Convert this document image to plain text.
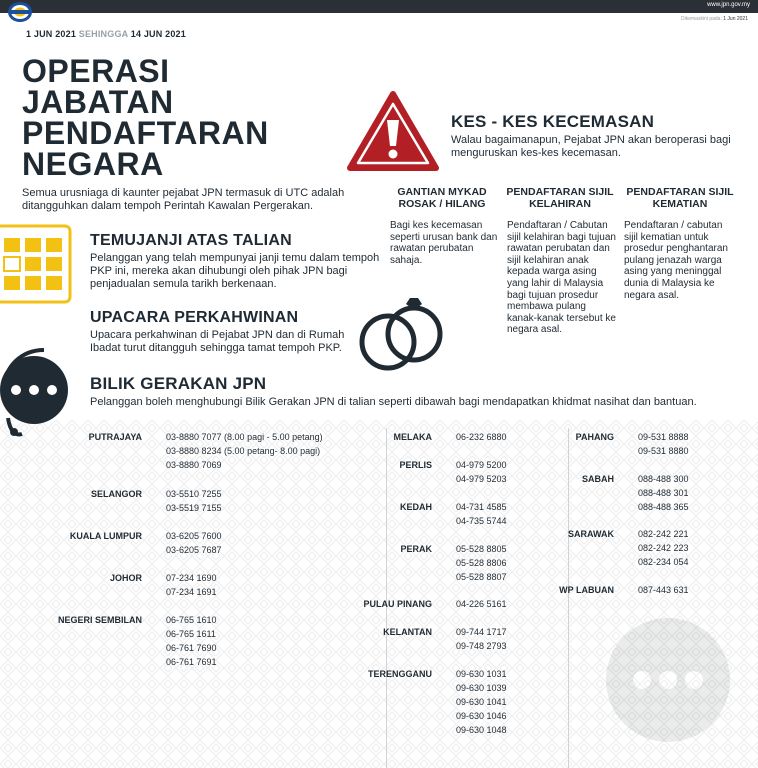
www.jpn.gov.my
Dikemaskini pada: 1 Jun 2021
1 JUN 2021 SEHINGGA 14 JUN 2021
OPERASI JABATAN PENDAFTARAN NEGARA
Semua urusniaga di kaunter pejabat JPN termasuk di UTC adalah ditangguhkan dalam tempoh Perintah Kawalan Pergerakan.
KES - KES KECEMASAN
Walau bagaimanapun, Pejabat JPN akan beroperasi bagi menguruskan kes-kes kecemasan.
GANTIAN MYKAD ROSAK / HILANG
Bagi kes kecemasan seperti urusan bank dan rawatan perubatan sahaja.
PENDAFTARAN SIJIL KELAHIRAN
Pendaftaran / Cabutan sijil kelahiran bagi tujuan rawatan perubatan dan sijil kelahiran anak kepada warga asing yang lahir di Malaysia bagi tujuan prosedur membawa pulang kanak-kanak tersebut ke negara asal.
PENDAFTARAN SIJIL KEMATIAN
Pendaftaran / cabutan sijil kematian untuk prosedur penghantaran pulang jenazah warga asing yang meninggal dunia di Malaysia ke negara asal.
TEMUJANJI ATAS TALIAN
Pelanggan yang telah mempunyai janji temu dalam tempoh PKP ini, mereka akan dihubungi oleh pihak JPN bagi penjadualan semula tarikh berkenaan.
UPACARA PERKAHWINAN
Upacara perkahwinan di Pejabat JPN dan di Rumah Ibadat turut ditangguh sehingga tamat tempoh PKP.
BILIK GERAKAN JPN
Pelanggan boleh menghubungi Bilik Gerakan JPN di talian seperti dibawah bagi mendapatkan khidmat nasihat dan bantuan.
PUTRAJAYA	03-8880 7077 (8.00 pagi - 5.00 petang)
03-8880 8234 (5.00 petang- 8.00 pagi)
03-8880 7069
SELANGOR	03-5510 7255
03-5519 7155
KUALA LUMPUR	03-6205 7600
03-6205 7687
JOHOR	07-234 1690
07-234 1691
NEGERI SEMBILAN	06-765 1610
06-765 1611
06-761 7690
06-761 7691
MELAKA	06-232 6880
PERLIS	04-979 5200
04-979 5203
KEDAH	04-731 4585
04-735 5744
PERAK	05-528 8805
05-528 8806
05-528 8807
PULAU PINANG	04-226 5161
KELANTAN	09-744 1717
09-748 2793
TERENGGANU	09-630 1031
09-630 1039
09-630 1041
09-630 1046
09-630 1048
PAHANG	09-531 8888
09-531 8880
SABAH	088-488 300
088-488 301
088-488 365
SARAWAK	082-242 221
082-242 223
082-234 054
WP LABUAN	087-443 631
